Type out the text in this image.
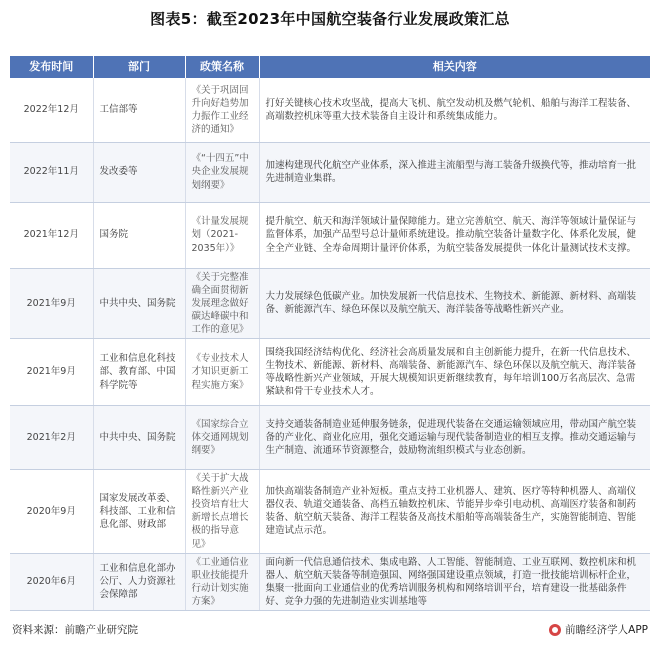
图表5：截至2023年中国航空装备行业发展政策汇总
发布时间	部门	政策名称	相关内容
2022年12月	工信部等	《关于巩固回升向好趋势加力振作工业经济的通知》	打好关键核心技术攻坚战，提高大飞机、航空发动机及燃气轮机、船舶与海洋工程装备、高端数控机床等重大技术装备自主设计和系统集成能力。
2022年11月	发改委等	《“十四五”中央企业发展规划纲要》	加速构建现代化航空产业体系，深入推进主流船型与海工装备升级换代等，推动培育一批先进制造业集群。
2021年12月	国务院	《计量发展规划（2021-2035年）》	提升航空、航天和海洋领域计量保障能力。建立完善航空、航天、海洋等领域计量保证与监督体系，加强产品型号总计量师系统建设。推动航空装备计量数字化、体系化发展，健全全产业链、全寿命周期计量评价体系，为航空装备发展提供一体化计量测试技术支撑。
2021年9月	中共中央、国务院	《关于完整准确全面贯彻新发展理念做好碳达峰碳中和工作的意见》	大力发展绿色低碳产业。加快发展新一代信息技术、生物技术、新能源、新材料、高端装备、新能源汽车、绿色环保以及航空航天、海洋装备等战略性新兴产业。
2021年9月	工业和信息化科技部、教育部、中国科学院等	《专业技术人才知识更新工程实施方案》	围绕我国经济结构优化、经济社会高质量发展和自主创新能力提升，在新一代信息技术、生物技术、新能源、新材料、高端装备、新能源汽车、绿色环保以及航空航天、海洋装备等战略性新兴产业领域，开展大规模知识更新继续教育，每年培训100万名高层次、急需紧缺和骨干专业技术人才。
2021年2月	中共中央、国务院	《国家综合立体交通网规划纲要》	支持交通装备制造业延伸服务链条，促进现代装备在交通运输领域应用，带动国产航空装备的产业化、商业化应用，强化交通运输与现代装备制造业的相互支撑。推动交通运输与生产制造、流通环节资源整合，鼓励物流组织模式与业态创新。
2020年9月	国家发展改革委、科技部、工业和信息化部、财政部	《关于扩大战略性新兴产业投资培育壮大新增长点增长极的指导意见》	加快高端装备制造产业补短板。重点支持工业机器人、建筑、医疗等特种机器人、高端仪器仪表、轨道交通装备、高档五轴数控机床、节能异步牵引电动机、高端医疗装备和制药装备、航空航天装备、海洋工程装备及高技术船舶等高端装备生产，实施智能制造、智能建造试点示范。
2020年6月	工业和信息化部办公厅、人力资源社会保障部	《工业通信业职业技能提升行动计划实施方案》	面向新一代信息通信技术、集成电路、人工智能、智能制造、工业互联网、数控机床和机器人、航空航天装备等制造强国、网络强国建设重点领域，打造一批技能培训标杆企业，集聚一批面向工业通信业的优秀培训服务机构和网络培训平台，培育建设一批基础条件好、竞争力强的先进制造业实训基地等
资料来源：前瞻产业研究院	前瞻经济学人APP
